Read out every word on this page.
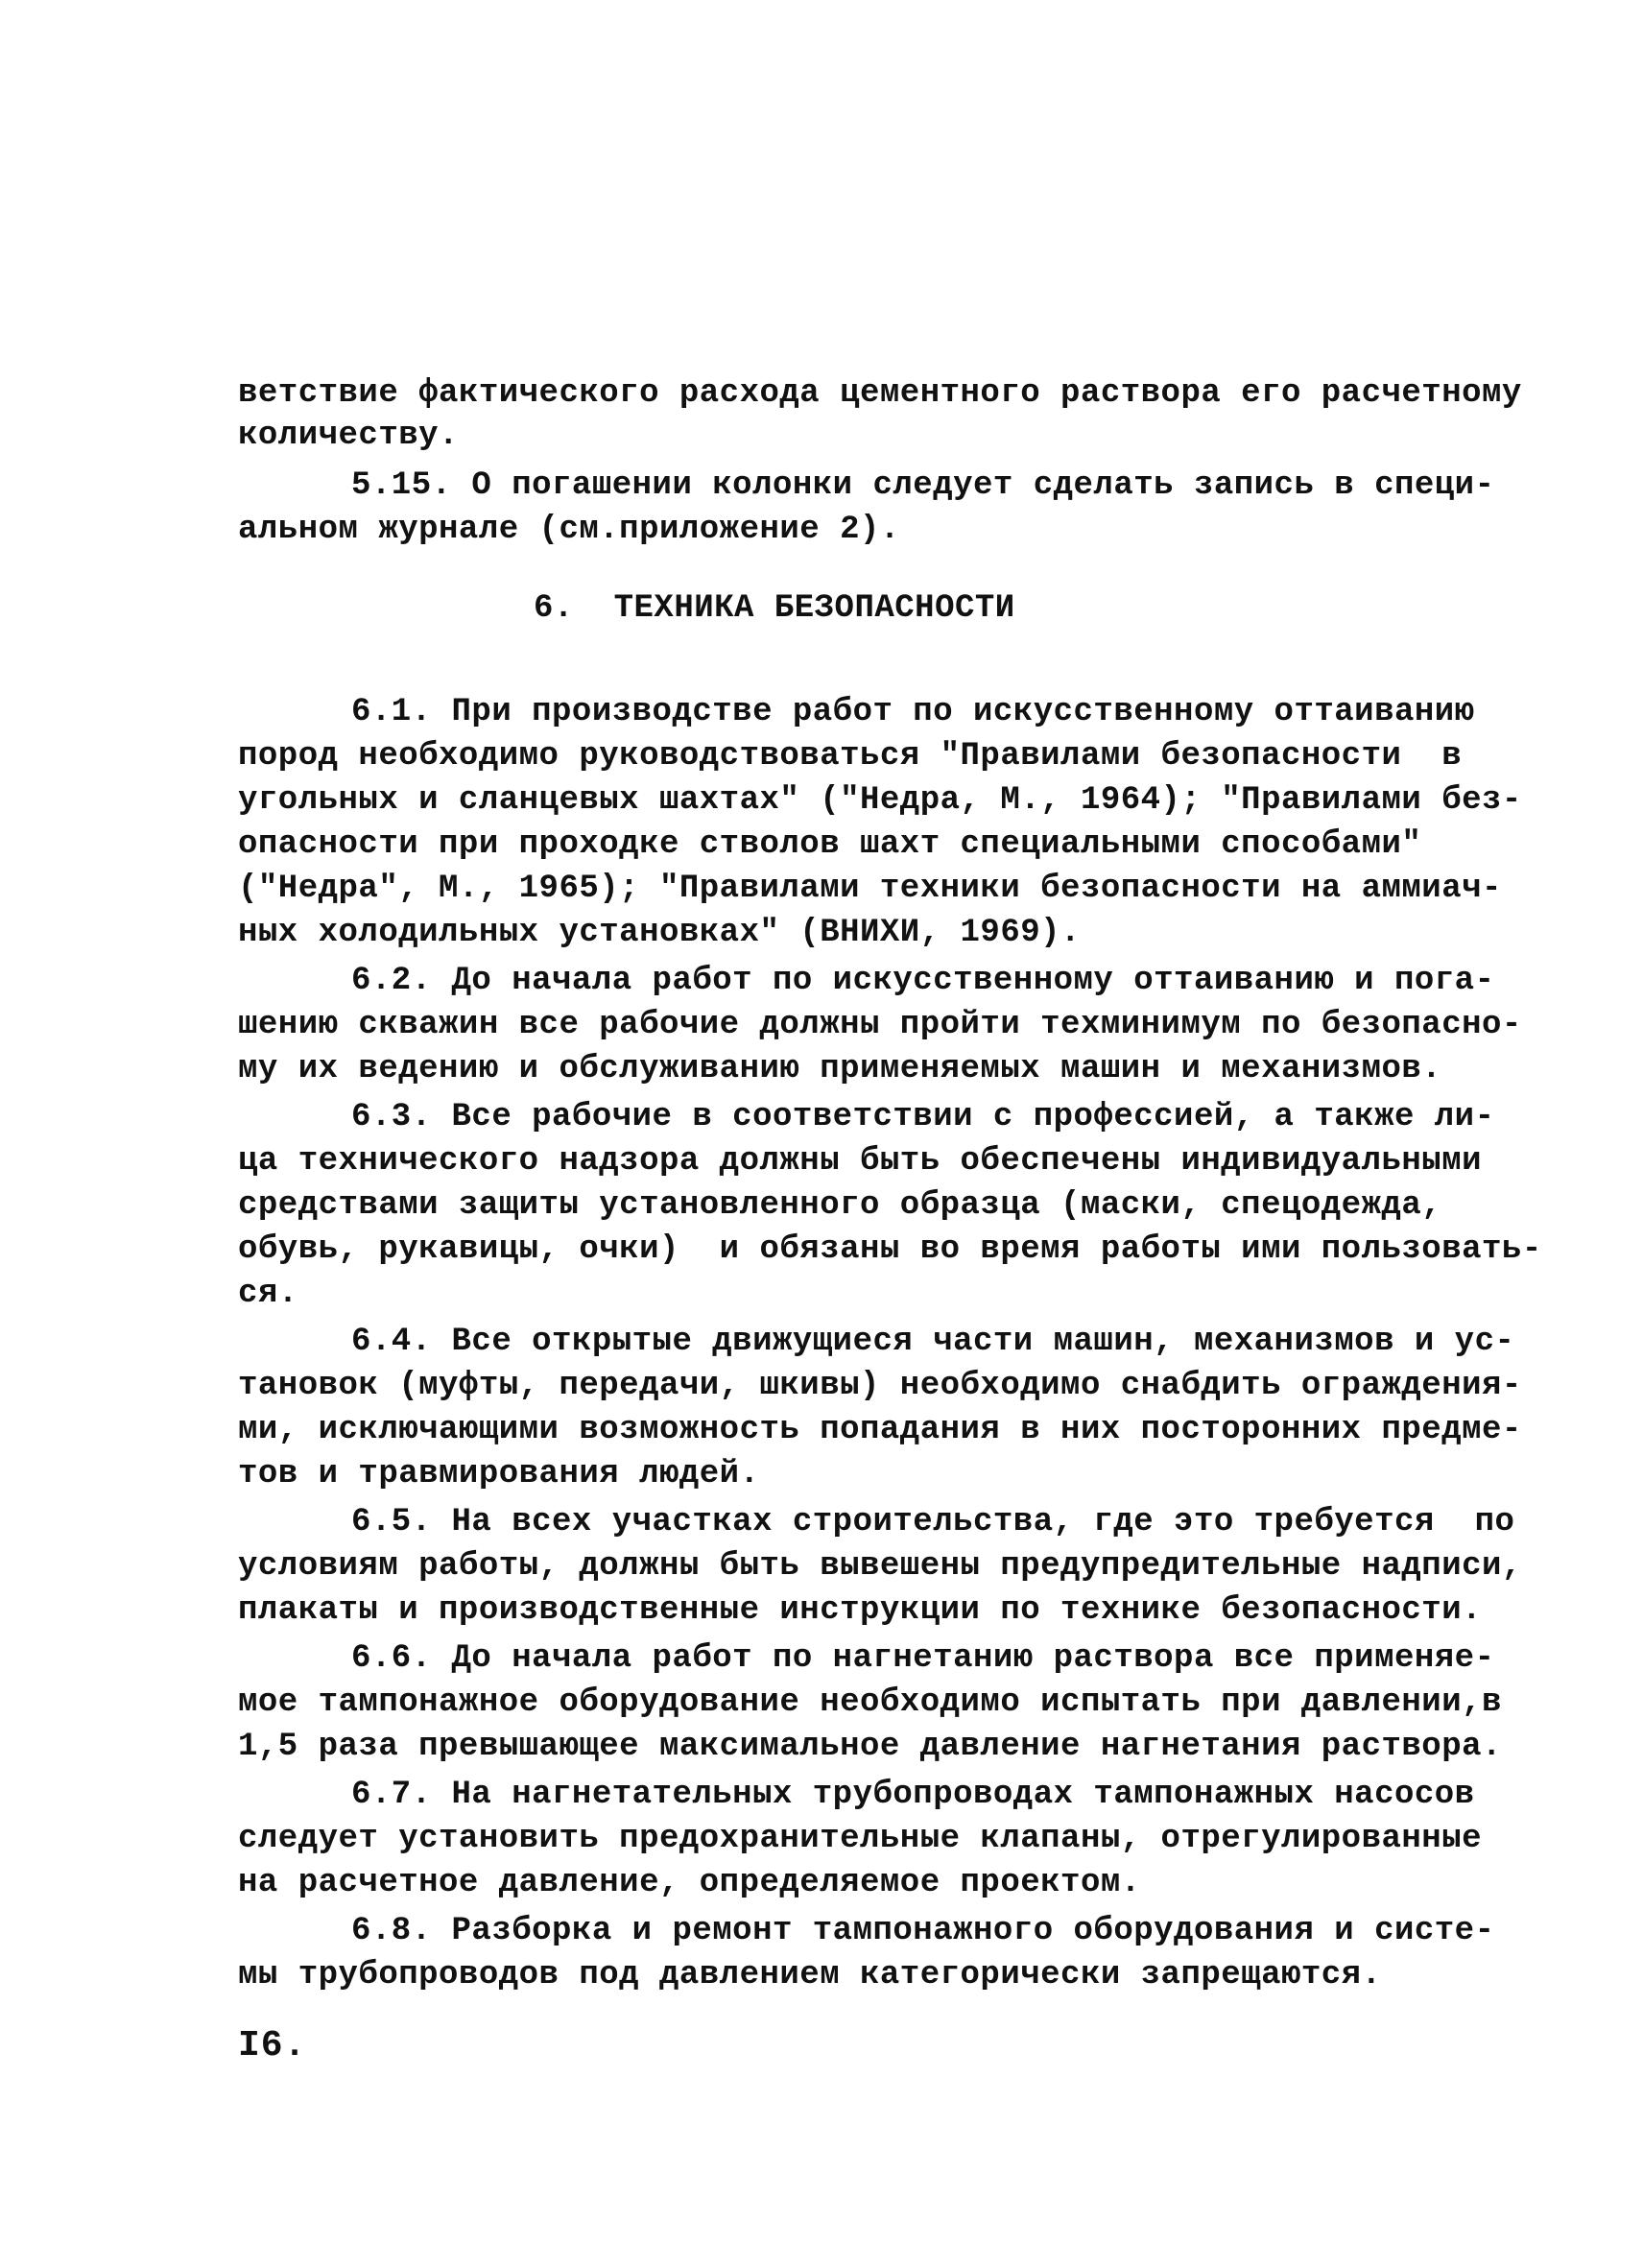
ветствие фактического расхода цементного раствора его расчетному
количеству.
5.15. О погашении колонки следует сделать запись в специ-
альном журнале (см.приложение 2).
6.  ТЕХНИКА БЕЗОПАСНОСТИ
6.1. При производстве работ по искусственному оттаиванию
пород необходимо руководствоваться "Правилами безопасности  в
угольных и сланцевых шахтах" ("Недра, М., 1964); "Правилами без-
опасности при проходке стволов шахт специальными способами"
("Недра", М., 1965); "Правилами техники безопасности на аммиач-
ных холодильных установках" (ВНИХИ, 1969).
6.2. До начала работ по искусственному оттаиванию и пога-
шению скважин все рабочие должны пройти техминимум по безопасно-
му их ведению и обслуживанию применяемых машин и механизмов.
6.3. Все рабочие в соответствии с профессией, а также ли-
ца технического надзора должны быть обеспечены индивидуальными
средствами защиты установленного образца (маски, спецодежда,
обувь, рукавицы, очки)  и обязаны во время работы ими пользовать-
ся.
6.4. Все открытые движущиеся части машин, механизмов и ус-
тановок (муфты, передачи, шкивы) необходимо снабдить ограждения-
ми, исключающими возможность попадания в них посторонних предме-
тов и травмирования людей.
6.5. На всех участках строительства, где это требуется  по
условиям работы, должны быть вывешены предупредительные надписи,
плакаты и производственные инструкции по технике безопасности.
6.6. До начала работ по нагнетанию раствора все применяе-
мое тампонажное оборудование необходимо испытать при давлении,в
1,5 раза превышающее максимальное давление нагнетания раствора.
6.7. На нагнетательных трубопроводах тампонажных насосов
следует установить предохранительные клапаны, отрегулированные
на расчетное давление, определяемое проектом.
6.8. Разборка и ремонт тампонажного оборудования и систе-
мы трубопроводов под давлением категорически запрещаются.
I6.
